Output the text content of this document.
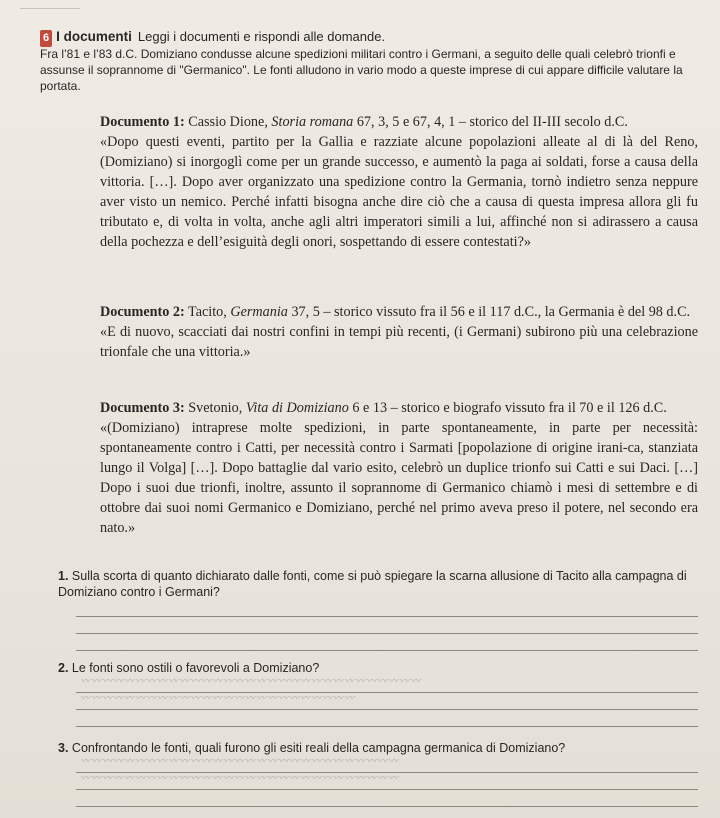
6 I documenti Leggi i documenti e rispondi alle domande.
Fra l’81 e l’83 d.C. Domiziano condusse alcune spedizioni militari contro i Germani, a seguito delle quali celebrò trionfi e assunse il soprannome di "Germanico". Le fonti alludono in vario modo a queste imprese di cui appare difficile valutare la portata.
Documento 1: Cassio Dione, Storia romana 67, 3, 5 e 67, 4, 1 – storico del II-III secolo d.C.
«Dopo questi eventi, partito per la Gallia e razziate alcune popolazioni alleate al di là del Reno, (Domiziano) si inorgoglì come per un grande successo, e aumentò la paga ai soldati, forse a causa della vittoria. […]. Dopo aver organizzato una spedizione contro la Germania, tornò indietro senza neppure aver visto un nemico. Perché infatti bisogna anche dire ciò che a causa di questa impresa allora gli fu tributato e, di volta in volta, anche agli altri imperatori simili a lui, affinché non si adirassero a causa della pochezza e dell’esiguità degli onori, sospettando di essere contestati?»
Documento 2: Tacito, Germania 37, 5 – storico vissuto fra il 56 e il 117 d.C., la Germania è del 98 d.C.
«E di nuovo, scacciati dai nostri confini in tempi più recenti, (i Germani) subirono più una celebrazione trionfale che una vittoria.»
Documento 3: Svetonio, Vita di Domiziano 6 e 13 – storico e biografo vissuto fra il 70 e il 126 d.C.
«(Domiziano) intraprese molte spedizioni, in parte spontaneamente, in parte per necessità: spontaneamente contro i Catti, per necessità contro i Sarmati [popolazione di origine irani-ca, stanziata lungo il Volga] […]. Dopo battaglie dal vario esito, celebrò un duplice trionfo sui Catti e sui Daci. […] Dopo i suoi due trionfi, inoltre, assunto il soprannome di Germanico chiamò i mesi di settembre e di ottobre dai suoi nomi Germanico e Domiziano, perché nel primo aveva preso il potere, nel secondo era nato.»
1. Sulla scorta di quanto dichiarato dalle fonti, come si può spiegare la scarna allusione di Tacito alla campagna di Domiziano contro i Germani?
2. Le fonti sono ostili o favorevoli a Domiziano?
〰〰〰〰〰〰〰〰〰〰〰〰〰〰〰〰〰〰〰〰〰〰〰〰〰〰〰〰〰〰〰
〰〰〰〰〰〰〰〰〰〰〰〰〰〰〰〰〰〰〰〰〰〰〰〰〰
3. Confrontando le fonti, quali furono gli esiti reali della campagna germanica di Domiziano?
〰〰〰〰〰〰〰〰〰〰〰〰〰〰〰〰〰〰〰〰〰〰〰〰〰〰〰〰〰
〰〰〰〰〰〰〰〰〰〰〰〰〰〰〰〰〰〰〰〰〰〰〰〰〰〰〰〰〰
